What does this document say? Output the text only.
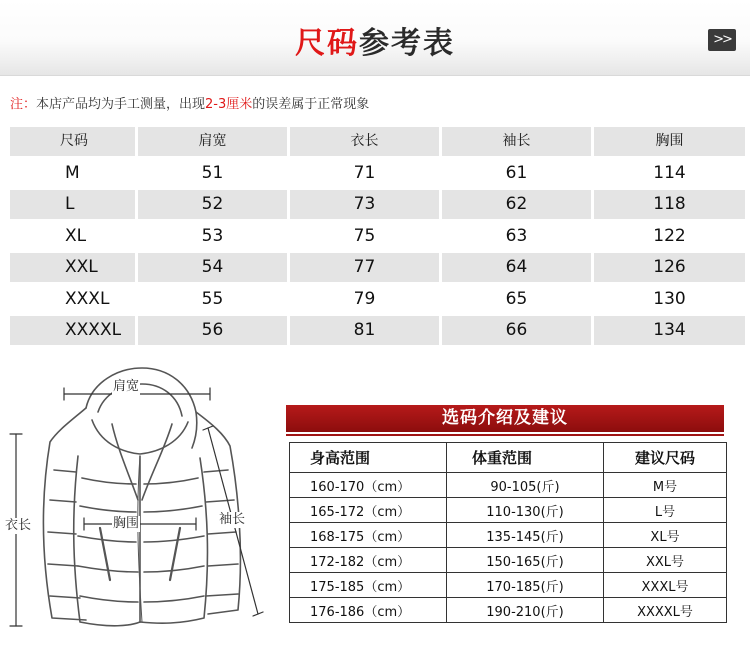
尺码参考表	>>
注：本店产品均为手工测量，出现2-3厘米的误差属于正常现象
尺码	肩宽	衣长	袖长	胸围
M	51	71	61	114
L	52	73	62	118
XL	53	75	63	122
XXL	54	77	64	126
XXXL	55	79	65	130
XXXXL	56	81	66	134
肩宽
衣长	胸围	袖长
选码介绍及建议
身高范围	体重范围	建议尺码
160-170（cm）	90-105(斤)	M号
165-172（cm）	110-130(斤)	L号
168-175（cm）	135-145(斤)	XL号
172-182（cm）	150-165(斤)	XXL号
175-185（cm）	170-185(斤)	XXXL号
176-186（cm）	190-210(斤)	XXXXL号
